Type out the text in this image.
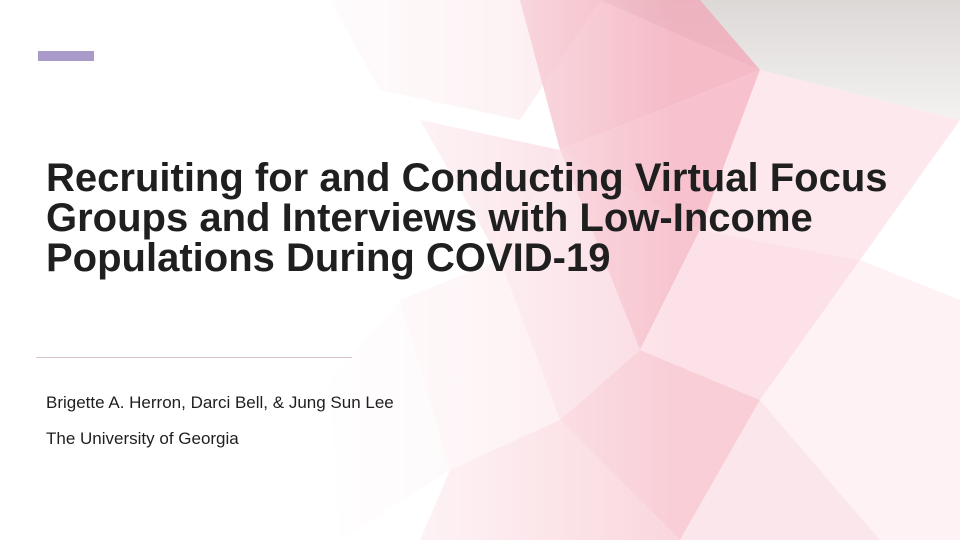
Recruiting for and Conducting Virtual Focus Groups and Interviews with Low-Income Populations During COVID-19

Brigette A. Herron, Darci Bell, & Jung Sun Lee

The University of Georgia
